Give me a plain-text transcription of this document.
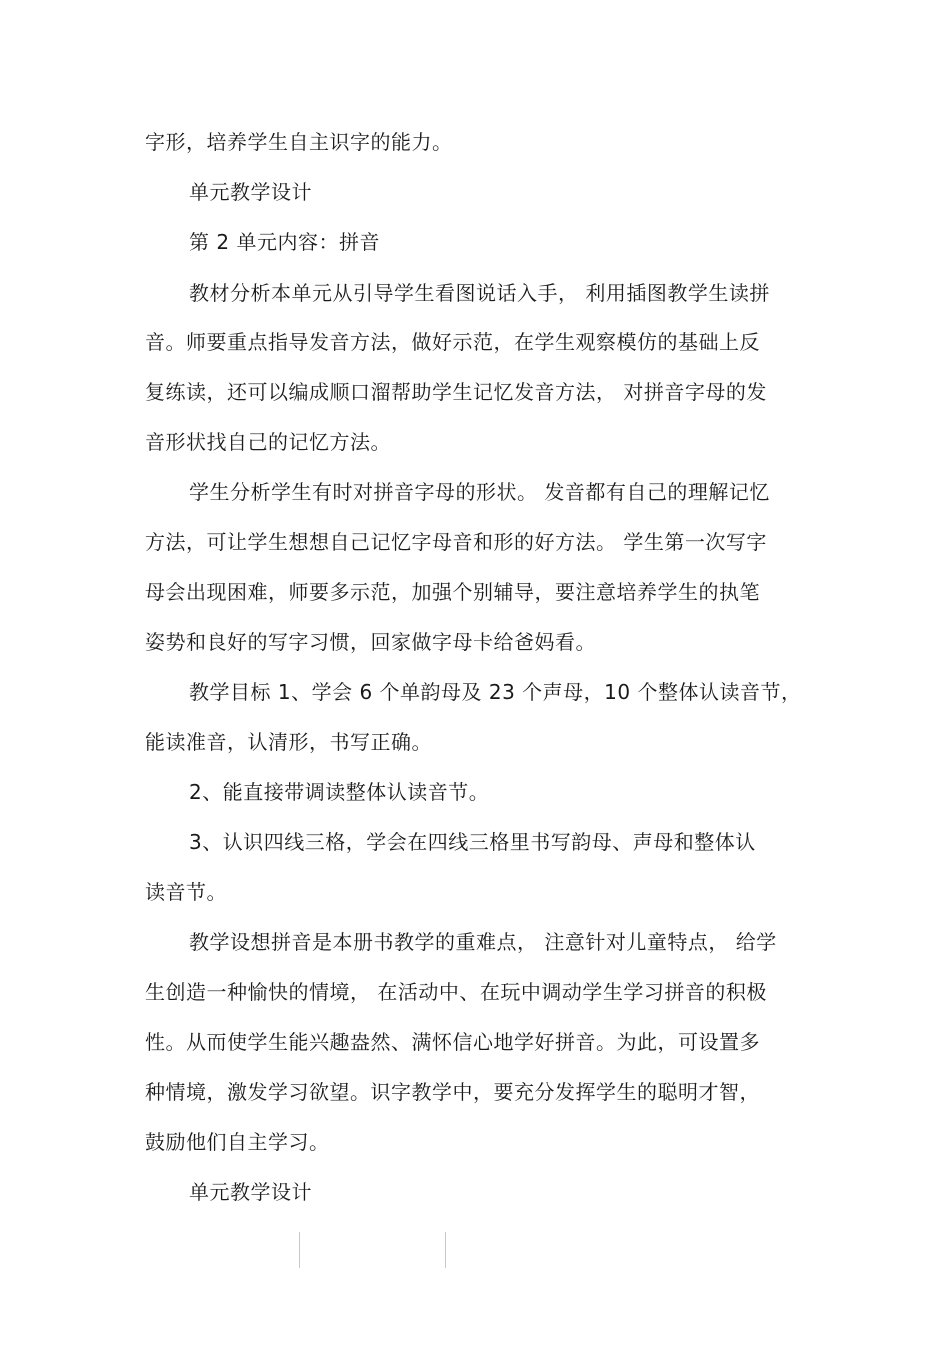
字形，培养学生自主识字的能力。
单元教学设计
第 2 单元内容：拼音
教材分析本单元从引导学生看图说话入手， 利用插图教学生读拼
音。师要重点指导发音方法，做好示范，在学生观察模仿的基础上反
复练读，还可以编成顺口溜帮助学生记忆发音方法， 对拼音字母的发
音形状找自己的记忆方法。
学生分析学生有时对拼音字母的形状。 发音都有自己的理解记忆
方法，可让学生想想自己记忆字母音和形的好方法。 学生第一次写字
母会出现困难，师要多示范，加强个别辅导，要注意培养学生的执笔
姿势和良好的写字习惯，回家做字母卡给爸妈看。
教学目标 1、学会 6 个单韵母及 23 个声母，10 个整体认读音节，
能读准音，认清形，书写正确。
2、能直接带调读整体认读音节。
3、认识四线三格，学会在四线三格里书写韵母、声母和整体认
读音节。
教学设想拼音是本册书教学的重难点， 注意针对儿童特点， 给学
生创造一种愉快的情境， 在活动中、在玩中调动学生学习拼音的积极
性。从而使学生能兴趣盎然、满怀信心地学好拼音。为此，可设置多
种情境，激发学习欲望。识字教学中，要充分发挥学生的聪明才智，
鼓励他们自主学习。
单元教学设计
